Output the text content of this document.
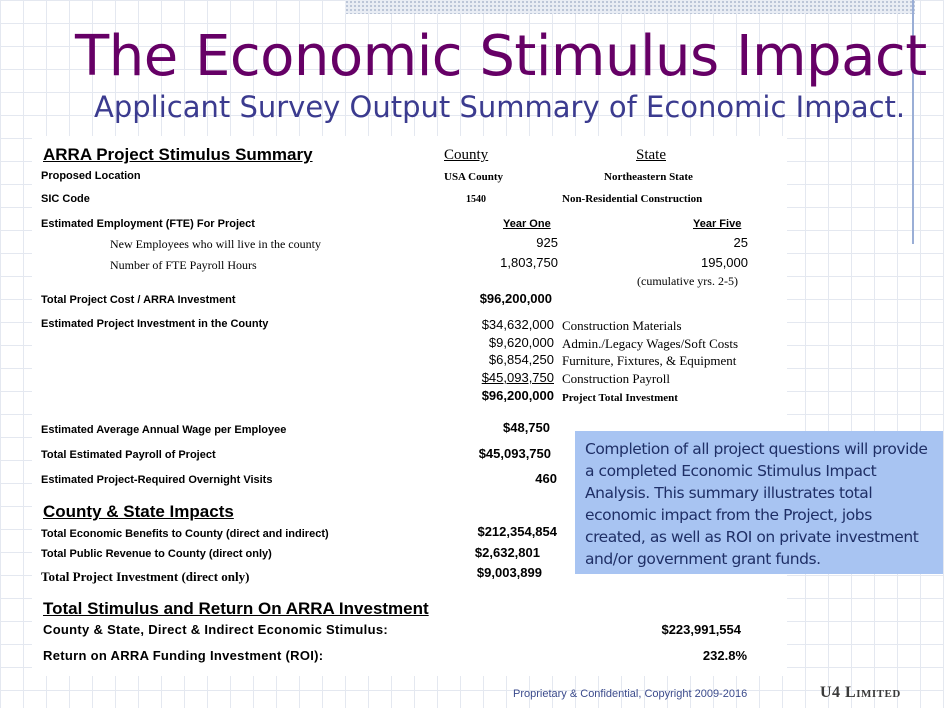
The Economic Stimulus Impact
Applicant Survey Output Summary of Economic Impact.
ARRA Project Stimulus Summary	County	State
Proposed Location	USA County	Northeastern State
SIC Code	1540	Non-Residential Construction
Estimated Employment (FTE) For Project	Year One	Year Five
New Employees who will live in the county	925	25
Number of FTE Payroll Hours	1,803,750	195,000
(cumulative yrs. 2-5)
Total Project Cost / ARRA Investment	$96,200,000
Estimated Project Investment in the County	$34,632,000 Construction Materials
$9,620,000 Admin./Legacy Wages/Soft Costs
$6,854,250 Furniture, Fixtures, & Equipment
$45,093,750 Construction Payroll
$96,200,000 Project Total Investment
Estimated Average Annual Wage per Employee	$48,750
Total Estimated Payroll of Project	$45,093,750
Estimated Project-Required Overnight Visits	460
County & State Impacts
Total Economic Benefits to County (direct and indirect)	$212,354,854
Total Public Revenue to County (direct only)	$2,632,801
Total Project Investment (direct only)	$9,003,899
Total Stimulus and Return On ARRA Investment
County & State, Direct & Indirect Economic Stimulus:	$223,991,554
Return on ARRA Funding Investment (ROI):	232.8%
Completion of all project questions will provide a completed Economic Stimulus Impact Analysis. This summary illustrates total economic impact from the Project, jobs created, as well as ROI on private investment and/or government grant funds.
Proprietary & Confidential, Copyright 2009-2016	U4 Limited
